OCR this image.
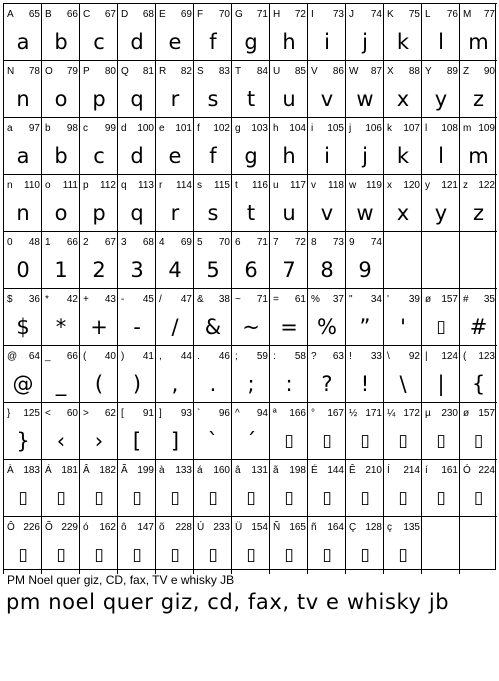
A 65
a
B 66
b
C 67
c
D 68
d
E 69
e
F 70
f
G 71
g
H 72
h
I 73
i
J 74
j
K 75
k
L 76
l
M 77
m
N 78
n
O 79
o
P 80
p
Q 81
q
R 82
r
S 83
s
T 84
t
U 85
u
V 86
v
W 87
w
X 88
x
Y 89
y
Z 90
z
a 97
a
b 98
b
c 99
c
d 100
d
e 101
e
f 102
f
g 103
g
h 104
h
i 105
i
j 106
j
k 107
k
l 108
l
m 109
m
n 110
n
o 111
o
p 112
p
q 113
q
r 114
r
s 115
s
t 116
t
u 117
u
v 118
v
w 119
w
x 120
x
y 121
y
z 122
z
0 48
0
1 66
1
2 67
2
3 68
3
4 69
4
5 70
5
6 71
6
7 72
7
8 73
8
9 74
9
$ 36
$
* 42
*
+ 43
+
- 45
-
/ 47
/
& 38
&
~ 71
~
= 61
=
% 37
%
" 34
ˮ
' 39
'
ø 157
▯
# 35
#
@ 64
@
_ 66
_
( 40
(
) 41
)
, 44
,
. 46
.
; 59
;
: 58
:
? 63
?
! 33
!
\ 92
\
| 124
|
( 123
{
} 125
}
< 60
‹
> 62
›
[ 91
[
] 93
]
` 96
`
^ 94
´
ª 166
▯
° 167
▯
½ 171
▯
¼ 172
▯
µ 230
▯
ø 157
▯
À 183
▯
Á 181
▯
Â 182
▯
Ã 199
▯
à 133
▯
á 160
▯
â 131
▯
ã 198
▯
É 144
▯
Ê 210
▯
Í 214
▯
í 161
▯
Ó 224
▯
Ô 226
▯
Õ 229
▯
ó 162
▯
ô 147
▯
õ 228
▯
Ú 233
▯
Ü 154
▯
Ñ 165
▯
ñ 164
▯
Ç 128
▯
ç 135
▯
PM Noel quer giz, CD, fax, TV e whisky JB
pm noel quer giz, cd, fax, tv e whisky jb
